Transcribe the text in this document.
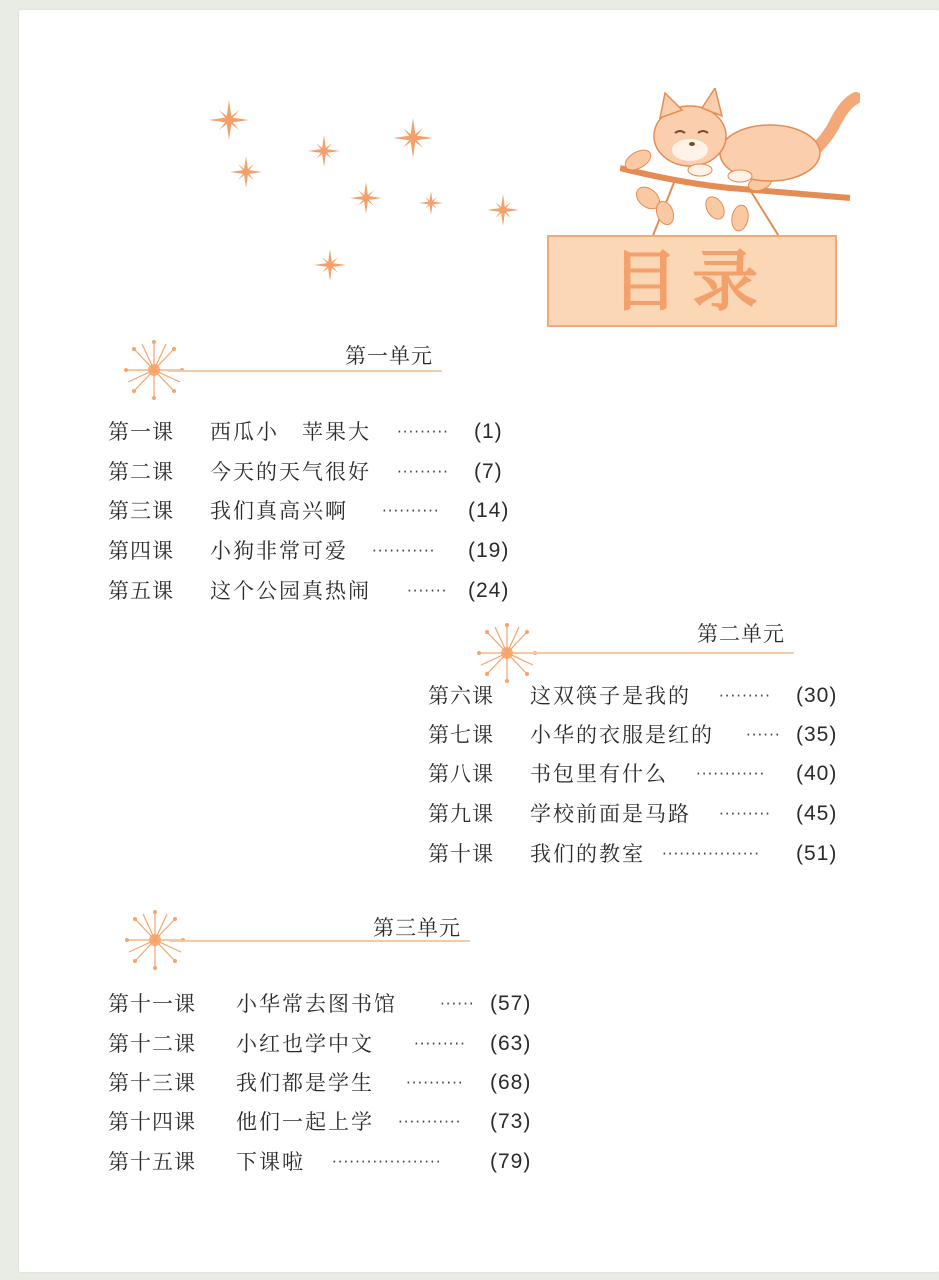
目录
第一单元
第一课 西瓜小　苹果大 ········· (1)
第二课 今天的天气很好 ········· (7)
第三课 我们真高兴啊 ·········· (14)
第四课 小狗非常可爱 ··········· (19)
第五课 这个公园真热闹 ······· (24)
第二单元
第六课 这双筷子是我的 ········· (30)
第七课 小华的衣服是红的 ······ (35)
第八课 书包里有什么 ············ (40)
第九课 学校前面是马路 ········· (45)
第十课 我们的教室 ················· (51)
第三单元
第十一课 小华常去图书馆	······ (57)
第十二课 小红也学中文	········· (63)
第十三课 我们都是学生 ·········· (68)
第十四课 他们一起上学 ··········· (73)
第十五课 下课啦 ··················· (79)
